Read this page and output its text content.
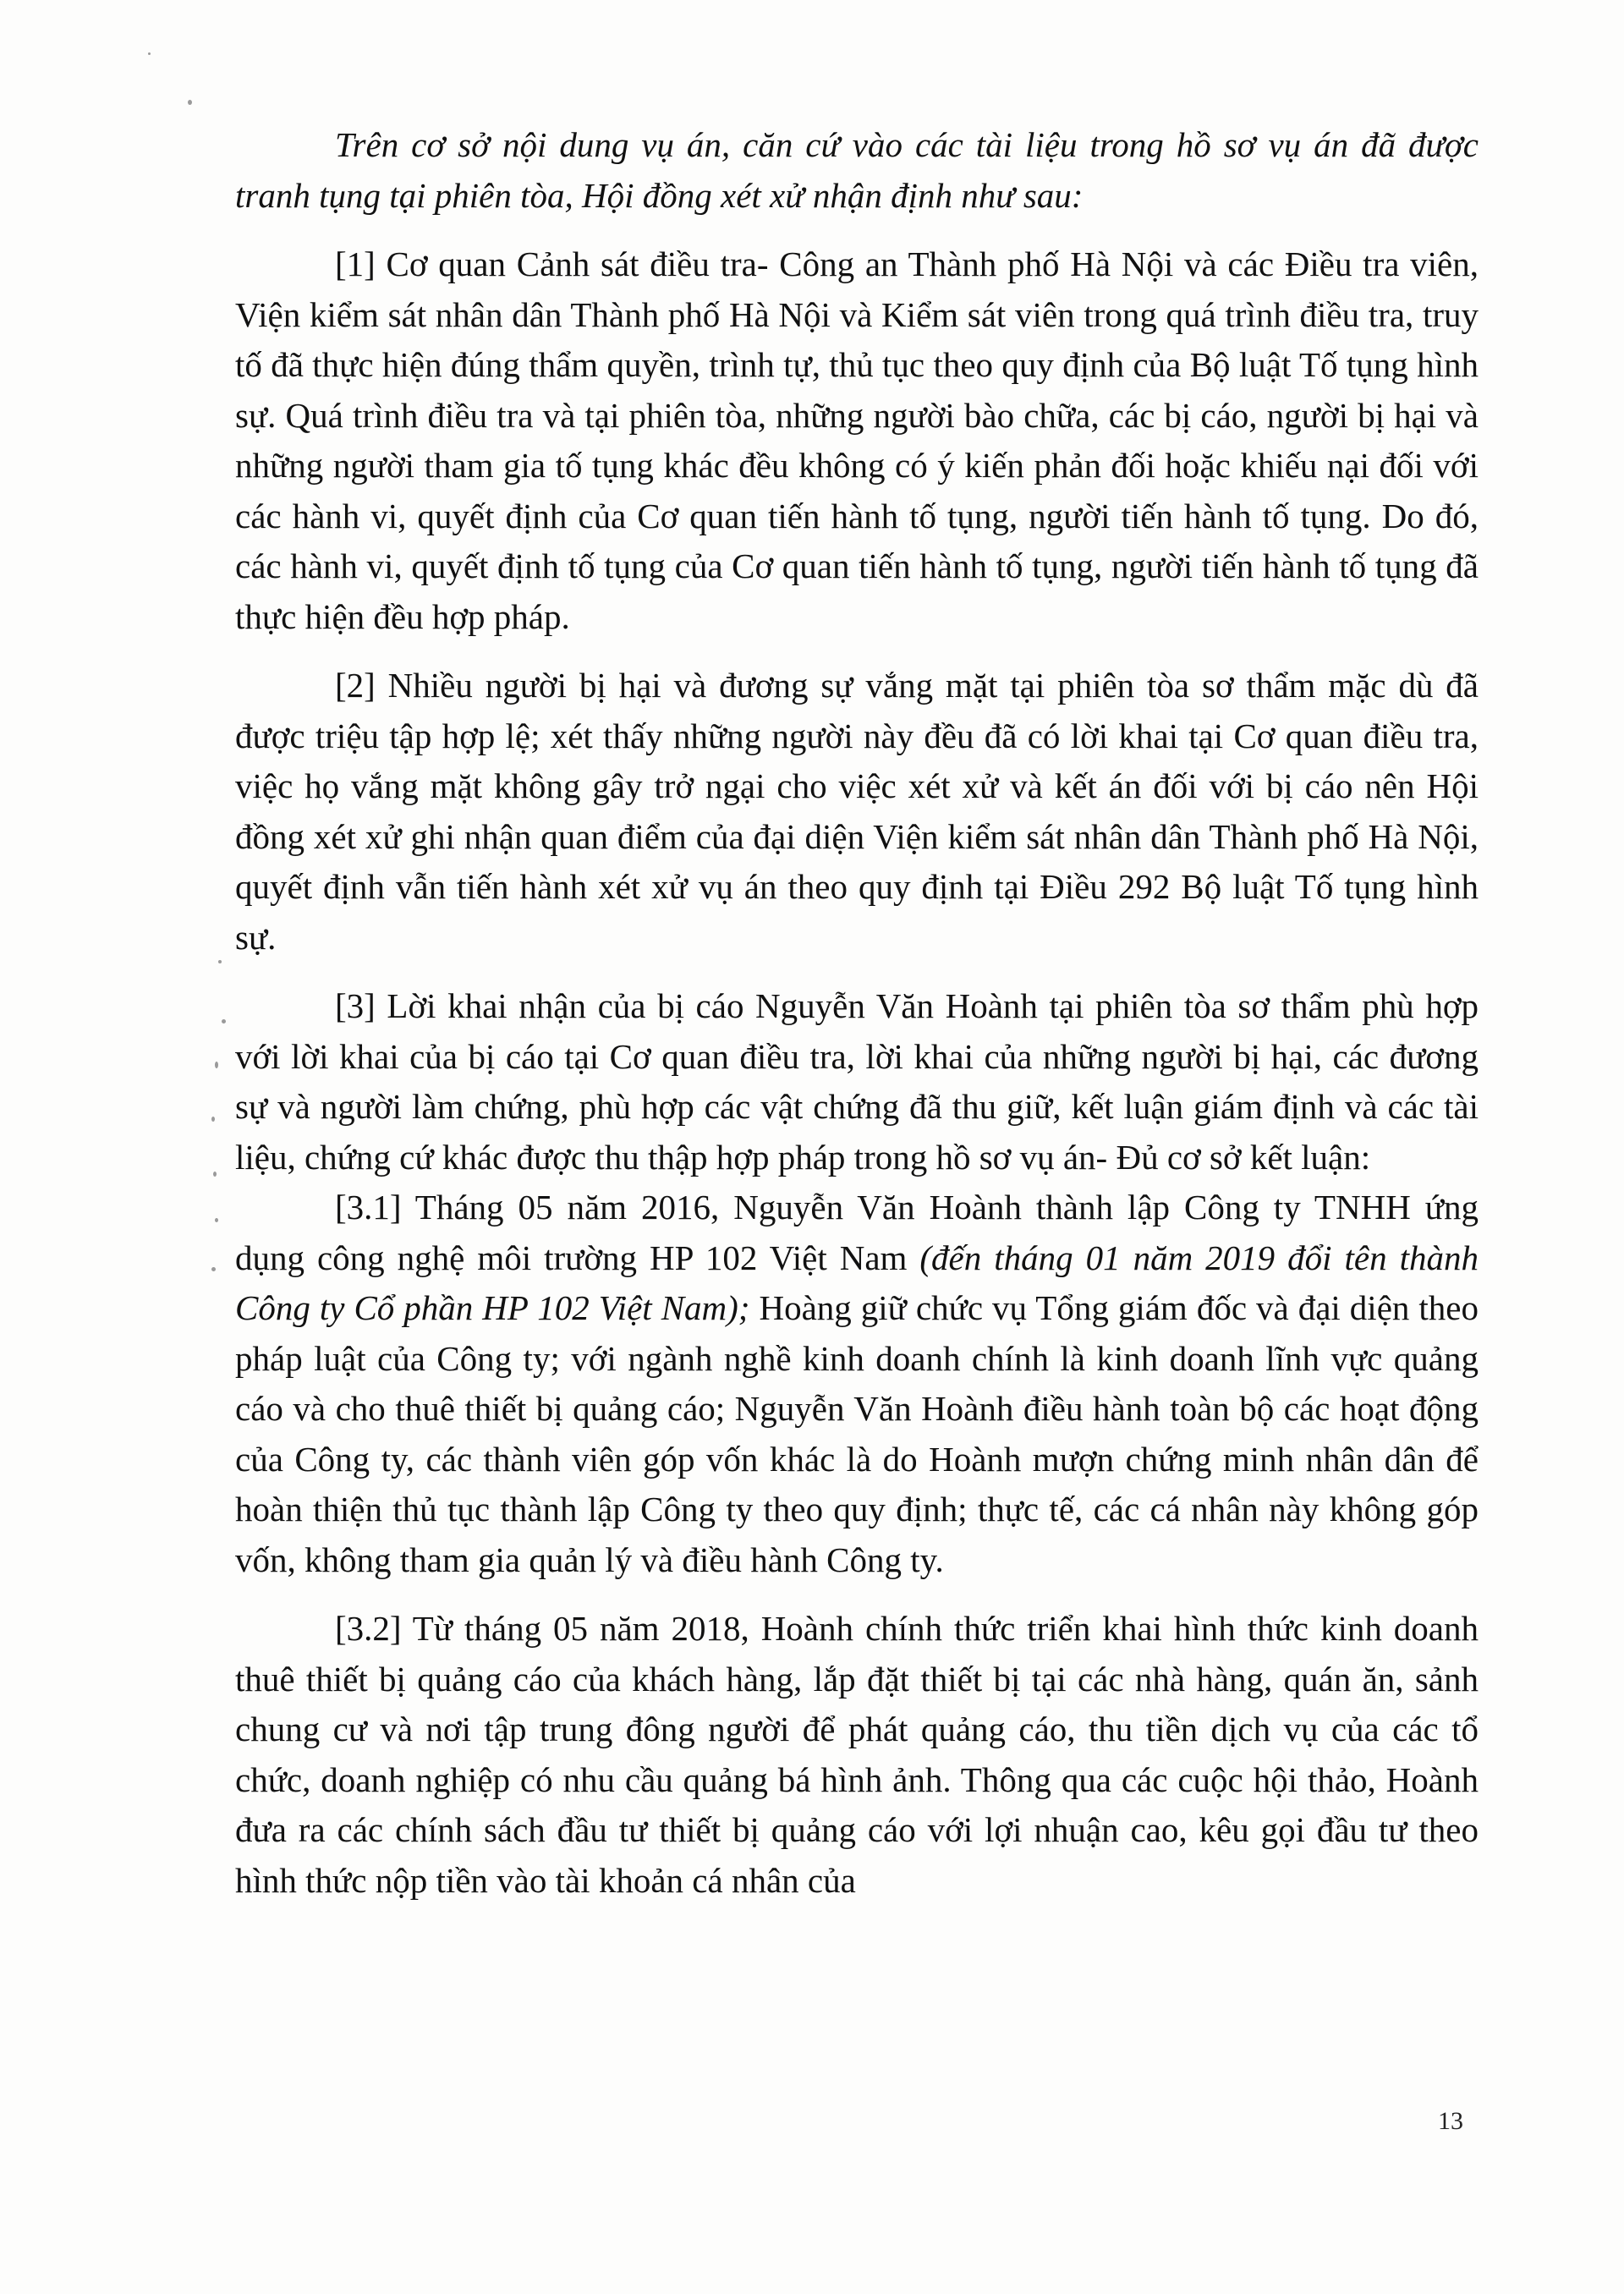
Trên cơ sở nội dung vụ án, căn cứ vào các tài liệu trong hồ sơ vụ án đã được tranh tụng tại phiên tòa, Hội đồng xét xử nhận định như sau:

[1] Cơ quan Cảnh sát điều tra- Công an Thành phố Hà Nội và các Điều tra viên, Viện kiểm sát nhân dân Thành phố Hà Nội và Kiểm sát viên trong quá trình điều tra, truy tố đã thực hiện đúng thẩm quyền, trình tự, thủ tục theo quy định của Bộ luật Tố tụng hình sự. Quá trình điều tra và tại phiên tòa, những người bào chữa, các bị cáo, người bị hại và những người tham gia tố tụng khác đều không có ý kiến phản đối hoặc khiếu nại đối với các hành vi, quyết định của Cơ quan tiến hành tố tụng, người tiến hành tố tụng. Do đó, các hành vi, quyết định tố tụng của Cơ quan tiến hành tố tụng, người tiến hành tố tụng đã thực hiện đều hợp pháp.

[2] Nhiều người bị hại và đương sự vắng mặt tại phiên tòa sơ thẩm mặc dù đã được triệu tập hợp lệ; xét thấy những người này đều đã có lời khai tại Cơ quan điều tra, việc họ vắng mặt không gây trở ngại cho việc xét xử và kết án đối với bị cáo nên Hội đồng xét xử ghi nhận quan điểm của đại diện Viện kiểm sát nhân dân Thành phố Hà Nội, quyết định vẫn tiến hành xét xử vụ án theo quy định tại Điều 292 Bộ luật Tố tụng hình sự.

[3] Lời khai nhận của bị cáo Nguyễn Văn Hoành tại phiên tòa sơ thẩm phù hợp với lời khai của bị cáo tại Cơ quan điều tra, lời khai của những người bị hại, các đương sự và người làm chứng, phù hợp các vật chứng đã thu giữ, kết luận giám định và các tài liệu, chứng cứ khác được thu thập hợp pháp trong hồ sơ vụ án- Đủ cơ sở kết luận:

[3.1] Tháng 05 năm 2016, Nguyễn Văn Hoành thành lập Công ty TNHH ứng dụng công nghệ môi trường HP 102 Việt Nam (đến tháng 01 năm 2019 đổi tên thành Công ty Cổ phần HP 102 Việt Nam); Hoàng giữ chức vụ Tổng giám đốc và đại diện theo pháp luật của Công ty; với ngành nghề kinh doanh chính là kinh doanh lĩnh vực quảng cáo và cho thuê thiết bị quảng cáo; Nguyễn Văn Hoành điều hành toàn bộ các hoạt động của Công ty, các thành viên góp vốn khác là do Hoành mượn chứng minh nhân dân để hoàn thiện thủ tục thành lập Công ty theo quy định; thực tế, các cá nhân này không góp vốn, không tham gia quản lý và điều hành Công ty.

[3.2] Từ tháng 05 năm 2018, Hoành chính thức triển khai hình thức kinh doanh thuê thiết bị quảng cáo của khách hàng, lắp đặt thiết bị tại các nhà hàng, quán ăn, sảnh chung cư và nơi tập trung đông người để phát quảng cáo, thu tiền dịch vụ của các tổ chức, doanh nghiệp có nhu cầu quảng bá hình ảnh. Thông qua các cuộc hội thảo, Hoành đưa ra các chính sách đầu tư thiết bị quảng cáo với lợi nhuận cao, kêu gọi đầu tư theo hình thức nộp tiền vào tài khoản cá nhân của

13
